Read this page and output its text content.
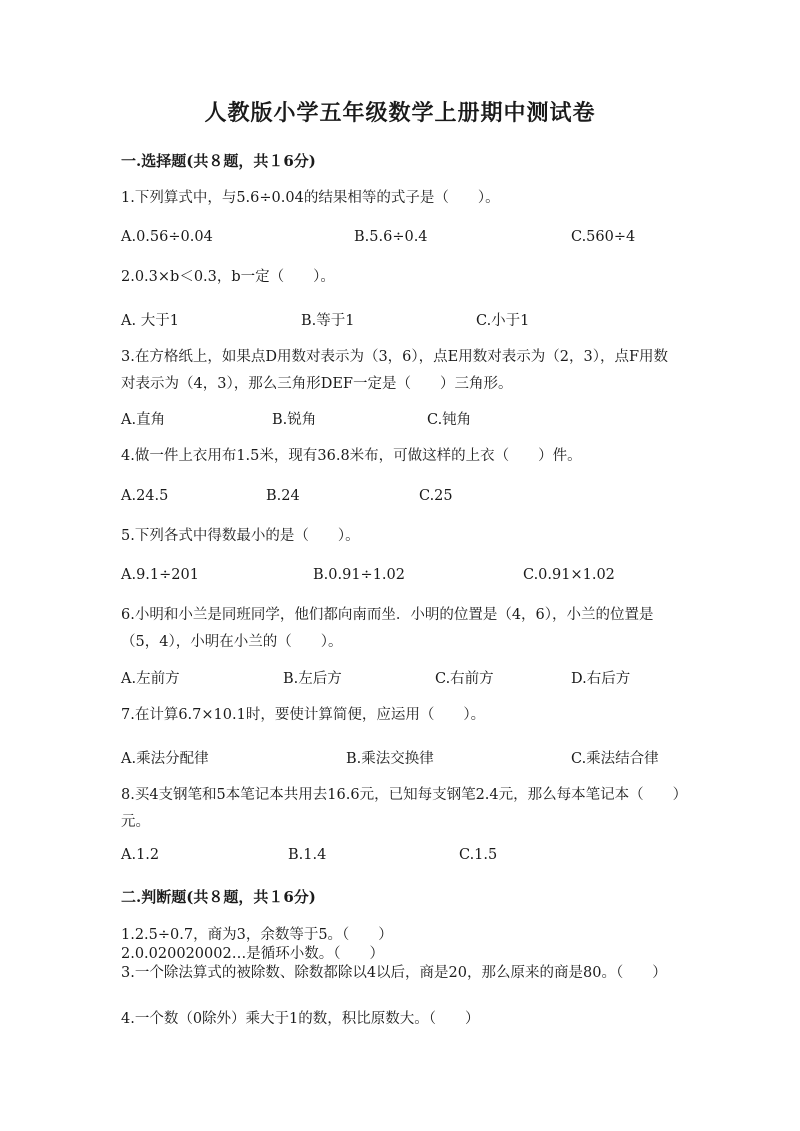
人教版小学五年级数学上册期中测试卷
一.选择题(共８题，共１6分)
1.下列算式中，与5.6÷0.04的结果相等的式子是（　　）。
A.0.56÷0.04	B.5.6÷0.4	C.560÷4
2.0.3×b＜0.3，b一定（　　）。
A. 大于1	B.等于1	C.小于1
3.在方格纸上，如果点D用数对表示为（3，6），点E用数对表示为（2，3），点F用数对表示为（4，3），那么三角形DEF一定是（　　）三角形。
A.直角	B.锐角	C.钝角
4.做一件上衣用布1.5米，现有36.8米布，可做这样的上衣（　　）件。
A.24.5	B.24	C.25
5.下列各式中得数最小的是（　　）。
A.9.1÷201	B.0.91÷1.02	C.0.91×1.02
6.小明和小兰是同班同学，他们都向南而坐．小明的位置是（4，6），小兰的位置是（5，4），小明在小兰的（　　）。
A.左前方	B.左后方	C.右前方	D.右后方
7.在计算6.7×10.1时，要使计算简便，应运用（　　）。
A.乘法分配律	B.乘法交换律	C.乘法结合律
8.买4支钢笔和5本笔记本共用去16.6元，已知每支钢笔2.4元，那么每本笔记本（　　）元。
A.1.2	B.1.4	C.1.5
二.判断题(共８题，共１6分)
1.2.5÷0.7，商为3，余数等于5。（　　）
2.0.020020002…是循环小数。（　　）
3.一个除法算式的被除数、除数都除以4以后，商是20，那么原来的商是80。（　　）
4.一个数（0除外）乘大于1的数，积比原数大。（　　）
